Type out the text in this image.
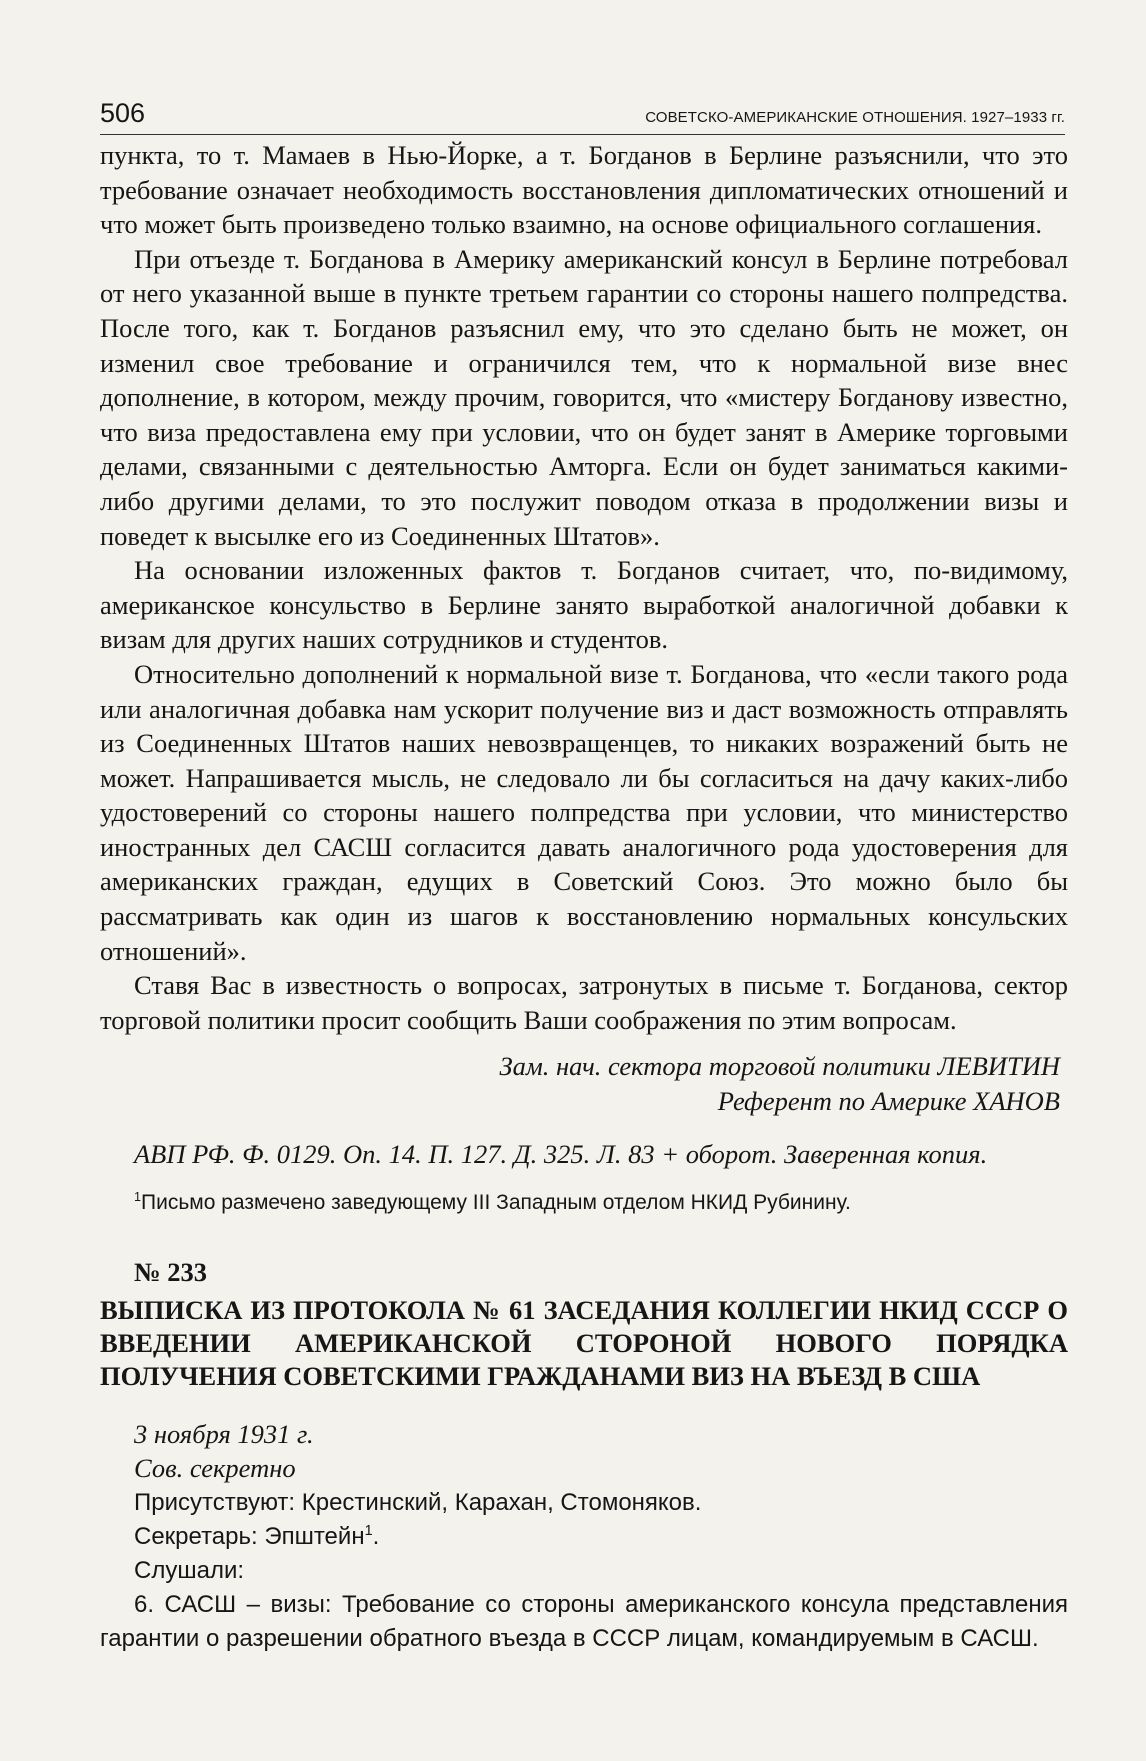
506	СОВЕТСКО-АМЕРИКАНСКИЕ ОТНОШЕНИЯ. 1927–1933 гг.

пункта, то т. Мамаев в Нью-Йорке, а т. Богданов в Берлине разъяснили, что это требование означает необходимость восстановления дипломатических отношений и что может быть произведено только взаимно, на основе официального соглашения.

При отъезде т. Богданова в Америку американский консул в Берлине потребовал от него указанной выше в пункте третьем гарантии со стороны нашего полпредства. После того, как т. Богданов разъяснил ему, что это сделано быть не может, он изменил свое требование и ограничился тем, что к нормальной визе внес дополнение, в котором, между прочим, говорится, что «мистеру Богданову известно, что виза предоставлена ему при условии, что он будет занят в Америке торговыми делами, связанными с деятельностью Амторга. Если он будет заниматься какими-либо другими делами, то это послужит поводом отказа в продолжении визы и поведет к высылке его из Соединенных Штатов».

На основании изложенных фактов т. Богданов считает, что, по-видимому, американское консульство в Берлине занято выработкой аналогичной добавки к визам для других наших сотрудников и студентов.

Относительно дополнений к нормальной визе т. Богданова, что «если такого рода или аналогичная добавка нам ускорит получение виз и даст возможность отправлять из Соединенных Штатов наших невозвращенцев, то никаких возражений быть не может. Напрашивается мысль, не следовало ли бы согласиться на дачу каких-либо удостоверений со стороны нашего полпредства при условии, что министерство иностранных дел САСШ согласится давать аналогичного рода удостоверения для американских граждан, едущих в Советский Союз. Это можно было бы рассматривать как один из шагов к восстановлению нормальных консульских отношений».

Ставя Вас в известность о вопросах, затронутых в письме т. Богданова, сектор торговой политики просит сообщить Ваши соображения по этим вопросам.

Зам. нач. сектора торговой политики ЛЕВИТИН
Референт по Америке ХАНОВ
АВП РФ. Ф. 0129. Оп. 14. П. 127. Д. 325. Л. 83 + оборот. Заверенная копия.
$^1$Письмо размечено заведующему III Западным отделом НКИД Рубинину.
№ 233
ВЫПИСКА ИЗ ПРОТОКОЛА № 61 ЗАСЕДАНИЯ КОЛЛЕГИИ НКИД СССР О ВВЕДЕНИИ АМЕРИКАНСКОЙ СТОРОНОЙ НОВОГО ПОРЯДКА ПОЛУЧЕНИЯ СОВЕТСКИМИ ГРАЖДАНАМИ ВИЗ НА ВЪЕЗД В США
3 ноября 1931 г.
Сов. секретно

Присутствуют: Крестинский, Карахан, Стомоняков.

Секретарь: Эпштейн$^1$.

Слушали:

6. САСШ – визы: Требование со стороны американского консула представления гарантии о разрешении обратного въезда в СССР лицам, командируемым в САСШ.
